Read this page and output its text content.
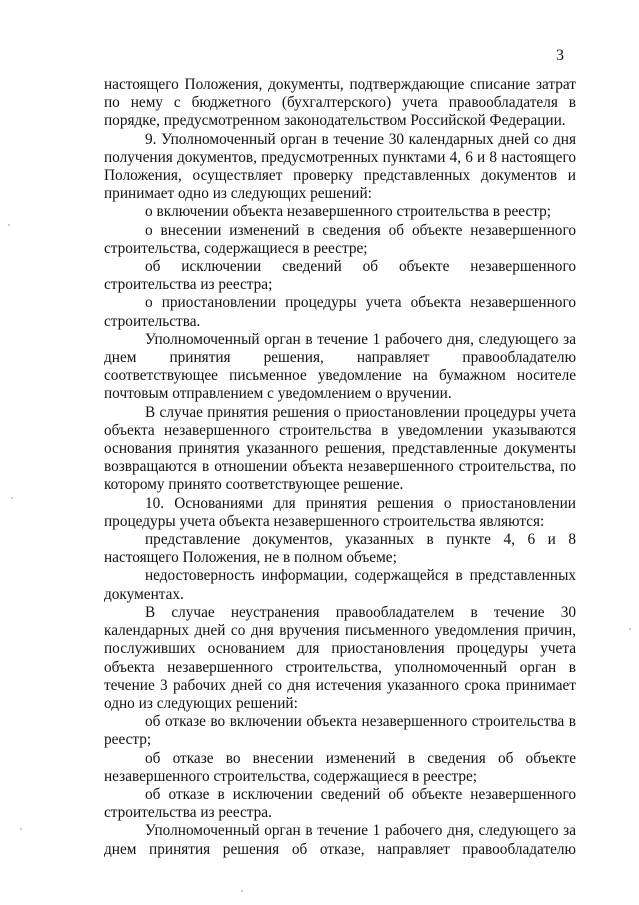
3

настоящего Положения, документы, подтверждающие списание затрат по нему с бюджетного (бухгалтерского) учета правообладателя в порядке, предусмотренном законодательством Российской Федерации.

9. Уполномоченный орган в течение 30 календарных дней со дня получения документов, предусмотренных пунктами 4, 6 и 8 настоящего Положения, осуществляет проверку представленных документов и принимает одно из следующих решений:

о включении объекта незавершенного строительства в реестр;

о внесении изменений в сведения об объекте незавершенного строительства, содержащиеся в реестре;

об исключении сведений об объекте незавершенного строительства из реестра;

о приостановлении процедуры учета объекта незавершенного строительства.

Уполномоченный орган в течение 1 рабочего дня, следующего за днем принятия решения, направляет правообладателю соответствующее письменное уведомление на бумажном носителе почтовым отправлением с уведомлением о вручении.

В случае принятия решения о приостановлении процедуры учета объекта незавершенного строительства в уведомлении указываются основания принятия указанного решения, представленные документы возвращаются в отношении объекта незавершенного строительства, по которому принято соответствующее решение.

10. Основаниями для принятия решения о приостановлении процедуры учета объекта незавершенного строительства являются:

представление документов, указанных в пункте 4, 6 и 8 настоящего Положения, не в полном объеме;

недостоверность информации, содержащейся в представленных документах.

В случае неустранения правообладателем в течение 30 календарных дней со дня вручения письменного уведомления причин, послуживших основанием для приостановления процедуры учета объекта незавершенного строительства, уполномоченный орган в течение 3 рабочих дней со дня истечения указанного срока принимает одно из следующих решений:

об отказе во включении объекта незавершенного строительства в реестр;

об отказе во внесении изменений в сведения об объекте незавершенного строительства, содержащиеся в реестре;

об отказе в исключении сведений об объекте незавершенного строительства из реестра.

Уполномоченный орган в течение 1 рабочего дня, следующего за днем принятия решения об отказе, направляет правообладателю
